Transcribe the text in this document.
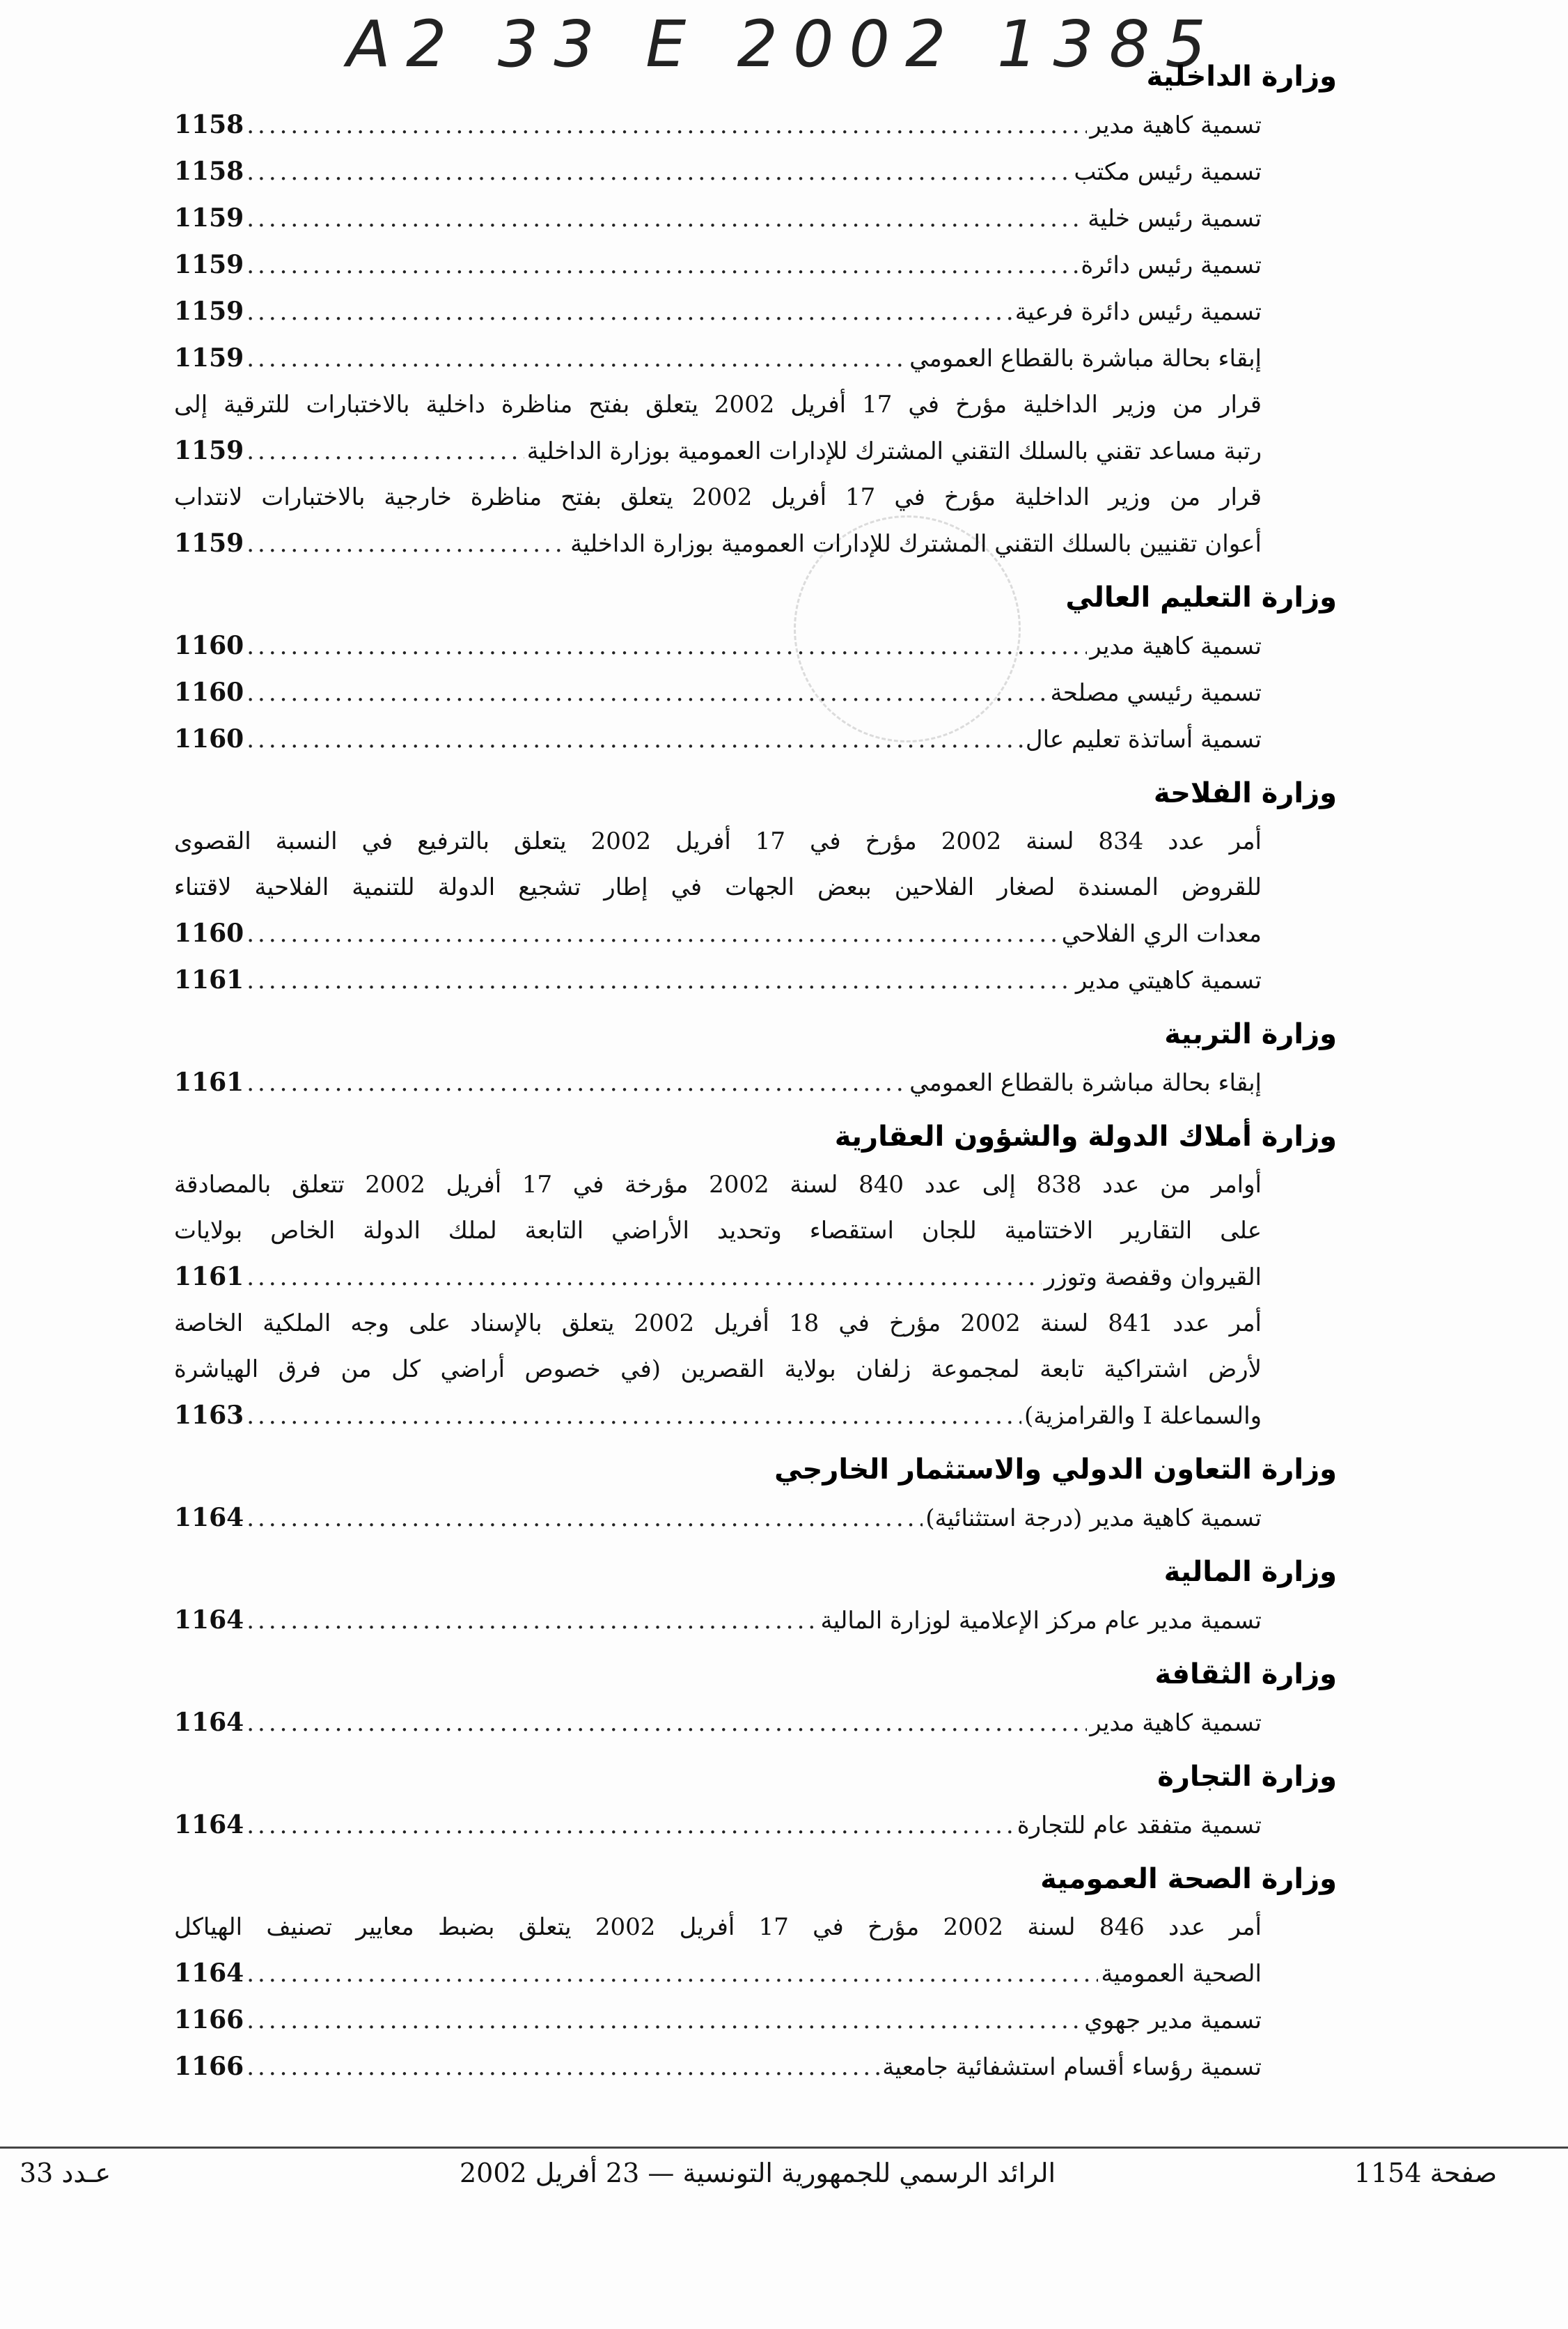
A2 33 E 2002 1385
وزارة الداخلية
تسمية كاهية مدير
.....
1158
تسمية رئيس مكتب
.....
1158
تسمية رئيس خلية
.....
1159
تسمية رئيس دائرة
.....
1159
تسمية رئيس دائرة فرعية
.....
1159
إبقاء بحالة مباشرة بالقطاع العمومي
.....
1159
قرار من وزير الداخلية مؤرخ في 17 أفريل 2002 يتعلق بفتح مناظرة داخلية بالاختبارات للترقية إلى
رتبة مساعد تقني بالسلك التقني المشترك للإدارات العمومية بوزارة الداخلية
.....
1159
قرار من وزير الداخلية مؤرخ في 17 أفريل 2002 يتعلق بفتح مناظرة خارجية بالاختبارات لانتداب
أعوان تقنيين بالسلك التقني المشترك للإدارات العمومية بوزارة الداخلية
.....
1159
وزارة التعليم العالي
تسمية كاهية مدير
.....
1160
تسمية رئيسي مصلحة
.....
1160
تسمية أساتذة تعليم عال
.....
1160
وزارة الفلاحة
أمر عدد 834 لسنة 2002 مؤرخ في 17 أفريل 2002 يتعلق بالترفيع في النسبة القصوى
للقروض المسندة لصغار الفلاحين ببعض الجهات في إطار تشجيع الدولة للتنمية الفلاحية لاقتناء
معدات الري الفلاحي
.....
1160
تسمية كاهيتي مدير
.....
1161
وزارة التربية
إبقاء بحالة مباشرة بالقطاع العمومي
.....
1161
وزارة أملاك الدولة والشؤون العقارية
أوامر من عدد 838 إلى عدد 840 لسنة 2002 مؤرخة في 17 أفريل 2002 تتعلق بالمصادقة
على التقارير الاختتامية للجان استقصاء وتحديد الأراضي التابعة لملك الدولة الخاص بولايات
القيروان وقفصة وتوزر
.....
1161
أمر عدد 841 لسنة 2002 مؤرخ في 18 أفريل 2002 يتعلق بالإسناد على وجه الملكية الخاصة
لأرض اشتراكية تابعة لمجموعة زلفان بولاية القصرين (في خصوص أراضي كل من فرق الهياشرة
والسماعلة I والقرامزية)
.....
1163
وزارة التعاون الدولي والاستثمار الخارجي
تسمية كاهية مدير (درجة استثنائية)
.....
1164
وزارة المالية
تسمية مدير عام مركز الإعلامية لوزارة المالية
.....
1164
وزارة الثقافة
تسمية كاهية مدير
.....
1164
وزارة التجارة
تسمية متفقد عام للتجارة
.....
1164
وزارة الصحة العمومية
أمر عدد 846 لسنة 2002 مؤرخ في 17 أفريل 2002 يتعلق بضبط معايير تصنيف الهياكل
الصحية العمومية
.....
1164
تسمية مدير جهوي
.....
1166
تسمية رؤساء أقسام استشفائية جامعية
.....
1166
صفحة 1154
الرائد الرسمي للجمهورية التونسية — 23 أفريل 2002
عـدد 33
